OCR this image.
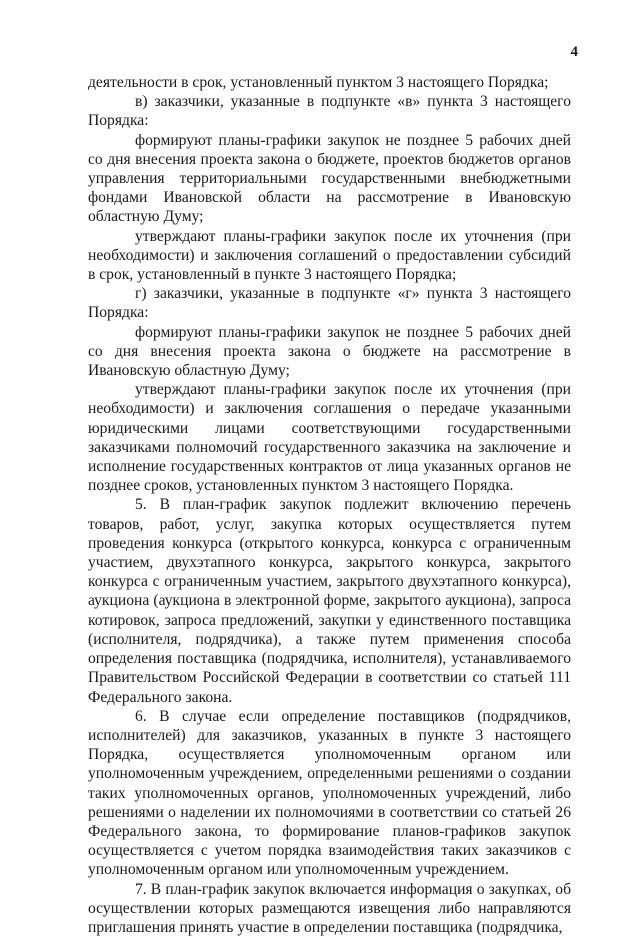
4

деятельности в срок, установленный пунктом 3 настоящего Порядка;

в) заказчики, указанные в подпункте «в» пункта 3 настоящего Порядка:

формируют планы-графики закупок не позднее 5 рабочих дней со дня внесения проекта закона о бюджете, проектов бюджетов органов управления территориальными государственными внебюджетными фондами Ивановской области на рассмотрение в Ивановскую областную Думу;

утверждают планы-графики закупок после их уточнения (при необходимости) и заключения соглашений о предоставлении субсидий в срок, установленный в пункте 3 настоящего Порядка;

г) заказчики, указанные в подпункте «г» пункта 3 настоящего Порядка:

формируют планы-графики закупок не позднее 5 рабочих дней со дня внесения проекта закона о бюджете на рассмотрение в Ивановскую областную Думу;

утверждают планы-графики закупок после их уточнения (при необходимости) и заключения соглашения о передаче указанными юридическими лицами соответствующими государственными заказчиками полномочий государственного заказчика на заключение и исполнение государственных контрактов от лица указанных органов не позднее сроков, установленных пунктом 3 настоящего Порядка.

5. В план-график закупок подлежит включению перечень товаров, работ, услуг, закупка которых осуществляется путем проведения конкурса (открытого конкурса, конкурса с ограниченным участием, двухэтапного конкурса, закрытого конкурса, закрытого конкурса с ограниченным участием, закрытого двухэтапного конкурса), аукциона (аукциона в электронной форме, закрытого аукциона), запроса котировок, запроса предложений, закупки у единственного поставщика (исполнителя, подрядчика), а также путем применения способа определения поставщика (подрядчика, исполнителя), устанавливаемого Правительством Российской Федерации в соответствии со статьей 111 Федерального закона.

6. В случае если определение поставщиков (подрядчиков, исполнителей) для заказчиков, указанных в пункте 3 настоящего Порядка, осуществляется уполномоченным органом или уполномоченным учреждением, определенными решениями о создании таких уполномоченных органов, уполномоченных учреждений, либо решениями о наделении их полномочиями в соответствии со статьей 26 Федерального закона, то формирование планов-графиков закупок осуществляется с учетом порядка взаимодействия таких заказчиков с уполномоченным органом или уполномоченным учреждением.

7. В план-график закупок включается информация о закупках, об осуществлении которых размещаются извещения либо направляются приглашения принять участие в определении поставщика (подрядчика,
